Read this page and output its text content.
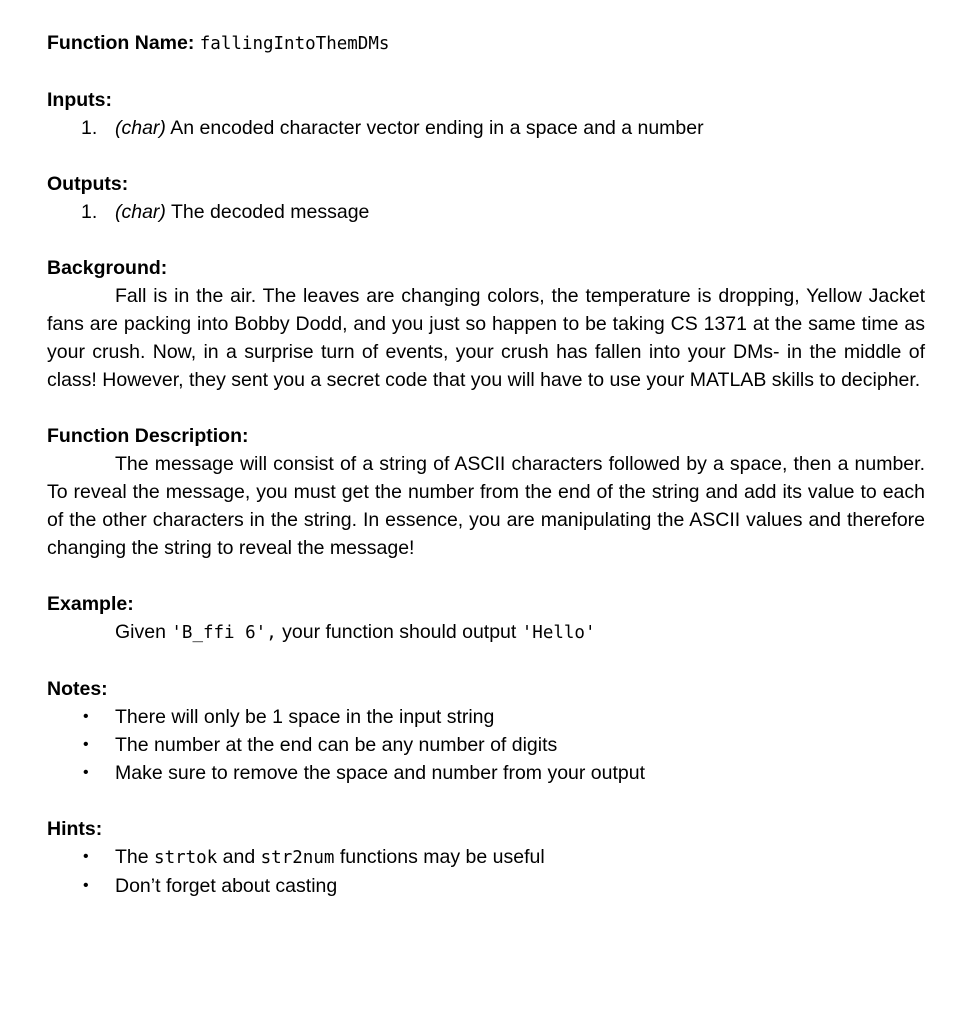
Function Name: fallingIntoThemDMs

Inputs:

1. (char) An encoded character vector ending in a space and a number

Outputs:

1. (char) The decoded message

Background:

Fall is in the air. The leaves are changing colors, the temperature is dropping, Yellow Jacket fans are packing into Bobby Dodd, and you just so happen to be taking CS 1371 at the same time as your crush. Now, in a surprise turn of events, your crush has fallen into your DMs- in the middle of class! However, they sent you a secret code that you will have to use your MATLAB skills to decipher.

Function Description:

The message will consist of a string of ASCII characters followed by a space, then a number. To reveal the message, you must get the number from the end of the string and add its value to each of the other characters in the string. In essence, you are manipulating the ASCII values and therefore changing the string to reveal the message!

Example:

Given 'B_ffi 6', your function should output 'Hello'

Notes:

• There will only be 1 space in the input string
• The number at the end can be any number of digits
• Make sure to remove the space and number from your output

Hints:

• The strtok and str2num functions may be useful
• Don’t forget about casting
